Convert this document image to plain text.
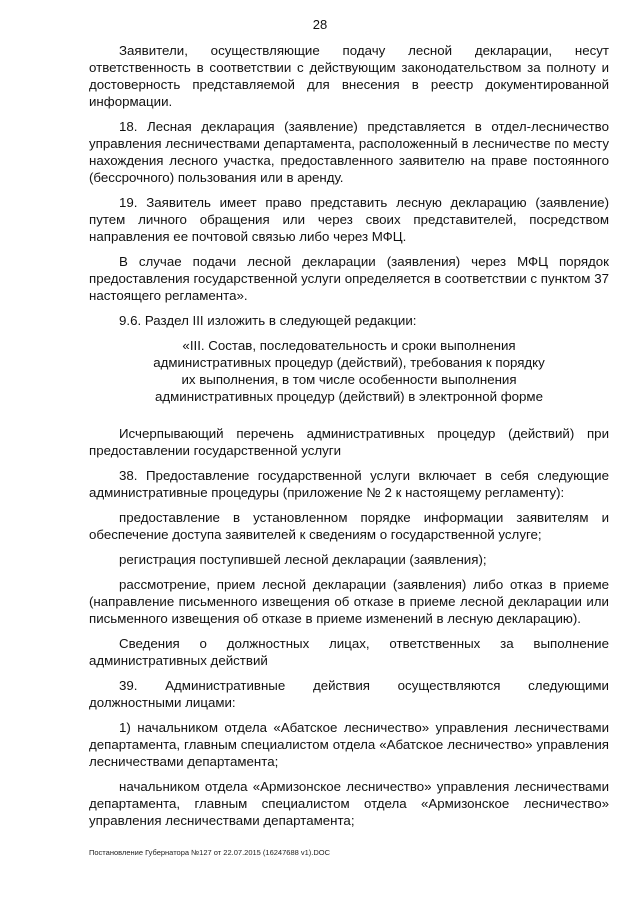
28

Заявители, осуществляющие подачу лесной декларации, несут ответственность в соответствии с действующим законодательством за полноту и достоверность представляемой для внесения в реестр документированной информации.

18. Лесная декларация (заявление) представляется в отдел-лесничество управления лесничествами департамента, расположенный в лесничестве по месту нахождения лесного участка, предоставленного заявителю на праве постоянного (бессрочного) пользования или в аренду.

19. Заявитель имеет право представить лесную декларацию (заявление) путем личного обращения или через своих представителей, посредством направления ее почтовой связью либо через МФЦ.

В случае подачи лесной декларации (заявления) через МФЦ порядок предоставления государственной услуги определяется в соответствии с пунктом 37 настоящего регламента».

9.6. Раздел III изложить в следующей редакции:

«III. Состав, последовательность и сроки выполнения
административных процедур (действий), требования к порядку
их выполнения, в том числе особенности выполнения
административных процедур (действий) в электронной форме

Исчерпывающий перечень административных процедур (действий) при предоставлении государственной услуги

38. Предоставление государственной услуги включает в себя следующие административные процедуры (приложение № 2 к настоящему регламенту):

предоставление в установленном порядке информации заявителям и обеспечение доступа заявителей к сведениям о государственной услуге;

регистрация поступившей лесной декларации (заявления);

рассмотрение, прием лесной декларации (заявления) либо отказ в приеме (направление письменного извещения об отказе в приеме лесной декларации или письменного извещения об отказе в приеме изменений в лесную декларацию).

Сведения о должностных лицах, ответственных за выполнение административных действий

39. Административные действия осуществляются следующими должностными лицами:

1) начальником отдела «Абатское лесничество» управления лесничествами департамента, главным специалистом отдела «Абатское лесничество» управления лесничествами департамента;

начальником отдела «Армизонское лесничество» управления лесничествами департамента, главным специалистом отдела «Армизонское лесничество» управления лесничествами департамента;

Постановление Губернатора №127 от 22.07.2015 (16247688 v1).DOC
